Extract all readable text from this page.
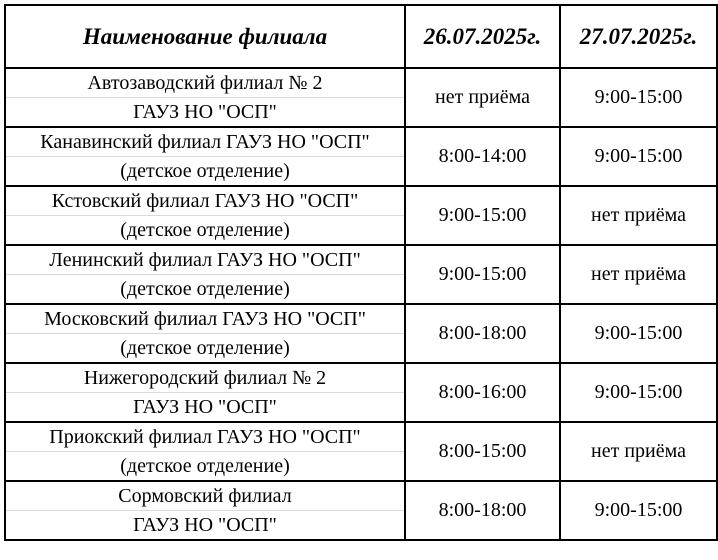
Наименование филиала	26.07.2025г.	27.07.2025г.

Автозаводский филиал № 2
ГАУЗ НО "ОСП"	нет приёма	9:00-15:00

Канавинский филиал ГАУЗ НО "ОСП"
(детское отделение)	8:00-14:00	9:00-15:00

Кстовский филиал ГАУЗ НО "ОСП"
(детское отделение)	9:00-15:00	нет приёма

Ленинский филиал ГАУЗ НО "ОСП"
(детское отделение)	9:00-15:00	нет приёма

Московский филиал ГАУЗ НО "ОСП"
(детское отделение)	8:00-18:00	9:00-15:00

Нижегородский филиал № 2
ГАУЗ НО "ОСП"	8:00-16:00	9:00-15:00

Приокский филиал ГАУЗ НО "ОСП"
(детское отделение)	8:00-15:00	нет приёма

Сормовский филиал
ГАУЗ НО "ОСП"	8:00-18:00	9:00-15:00
